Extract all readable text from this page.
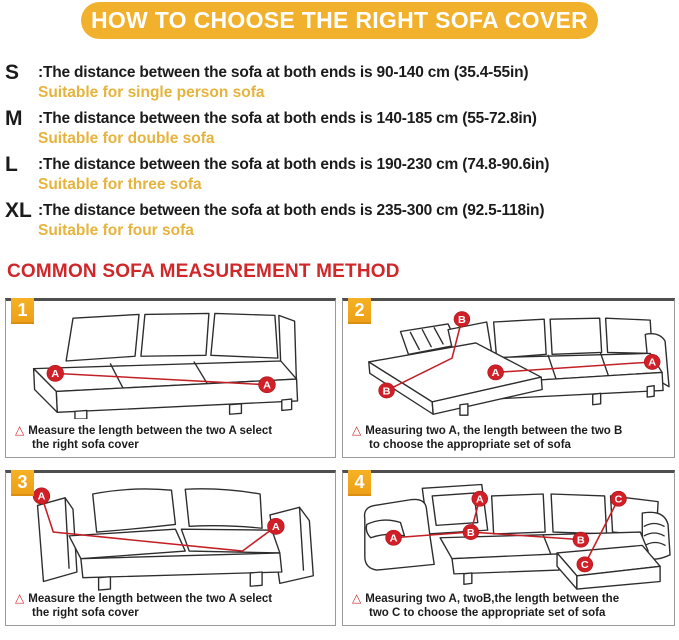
HOW TO CHOOSE THE RIGHT SOFA COVER
S	:The distance between the sofa at both ends is 90-140 cm (35.4-55in)
Suitable for single person sofa
M	:The distance between the sofa at both ends is 140-185 cm (55-72.8in)
Suitable for double sofa
L	:The distance between the sofa at both ends is 190-230 cm (74.8-90.6in)
Suitable for three sofa
XL :The distance between the sofa at both ends is 235-300 cm (92.5-118in)
Suitable for four sofa
COMMON SOFA MEASUREMENT METHOD
1
A
A
△ Measure the length between the two A select
the right sofa cover
2
B
B
A
A
△ Measuring two A, the length between the two B
to choose the appropriate set of sofa
3
A
A
△ Measure the length between the two A select
the right sofa cover
4
A
A	B
B
C
C
△ Measuring two A, twoB,the length between the
two C to choose the appropriate set of sofa
